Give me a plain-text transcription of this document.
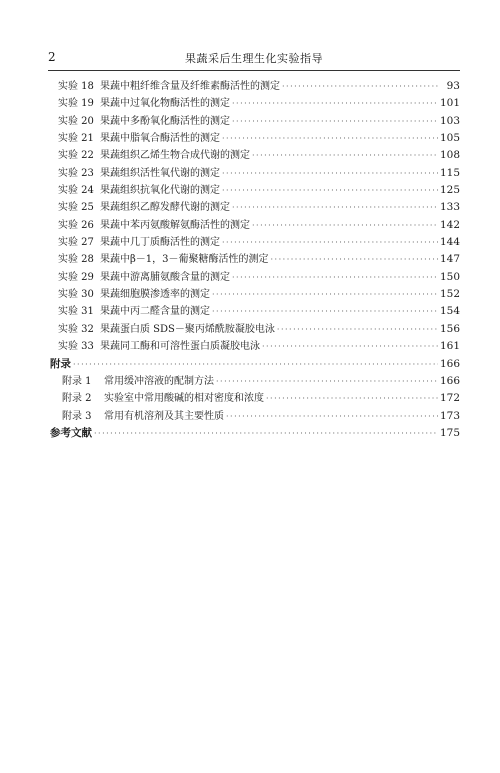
2	果蔬采后生理生化实验指导
实验 18 果蔬中粗纤维含量及纤维素酶活性的测定 ·····	93
实验 19 果蔬中过氧化物酶活性的测定 ·····	101
实验 20 果蔬中多酚氧化酶活性的测定 ·····	103
实验 21 果蔬中脂氧合酶活性的测定 ·····	105
实验 22 果蔬组织乙烯生物合成代谢的测定 ·····	108
实验 23 果蔬组织活性氧代谢的测定 ·····	115
实验 24 果蔬组织抗氧化代谢的测定 ·····	125
实验 25 果蔬组织乙醇发酵代谢的测定 ·····	133
实验 26 果蔬中苯丙氨酸解氨酶活性的测定 ·····	142
实验 27 果蔬中几丁质酶活性的测定 ·····	144
实验 28 果蔬中β－1，3－葡聚糖酶活性的测定 ·····	147
实验 29 果蔬中游离脯氨酸含量的测定 ·····	150
实验 30 果蔬细胞膜渗透率的测定 ·····	152
实验 31 果蔬中丙二醛含量的测定 ·····	154
实验 32 果蔬蛋白质 SDS－聚丙烯酰胺凝胶电泳 ·····	156
实验 33 果蔬同工酶和可溶性蛋白质凝胶电泳 ·····	161
附录 ·····	166
附录 1	常用缓冲溶液的配制方法 ·····	166
附录 2	实验室中常用酸碱的相对密度和浓度 ·····	172
附录 3	常用有机溶剂及其主要性质 ·····	173
参考文献 ·····	175
